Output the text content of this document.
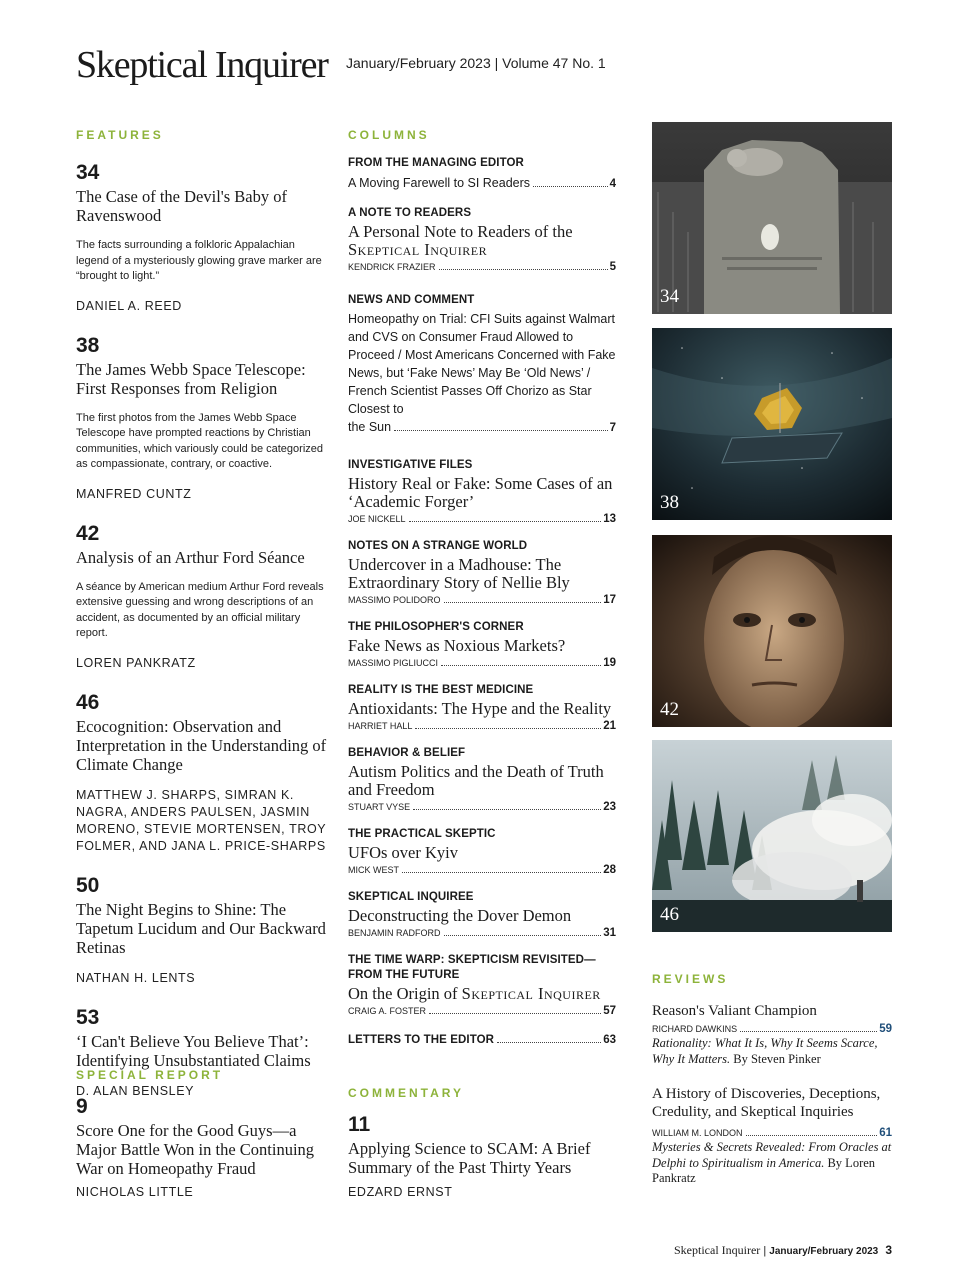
Skeptical Inquirer January/February 2023 | Volume 47 No. 1
FEATURES
34
The Case of the Devil's Baby of Ravenswood
The facts surrounding a folkloric Appalachian legend of a mysteriously glowing grave marker are “brought to light.”
DANIEL A. REED
38
The James Webb Space Telescope: First Responses from Religion
The first photos from the James Webb Space Telescope have prompted reactions by Christian communities, which variously could be categorized as compassionate, contrary, or coactive.
MANFRED CUNTZ
42
Analysis of an Arthur Ford Séance
A séance by American medium Arthur Ford reveals extensive guessing and wrong descriptions of an accident, as documented by an official military report.
LOREN PANKRATZ
46
Ecocognition: Observation and Interpretation in the Understanding of Climate Change
MATTHEW J. SHARPS, SIMRAN K. NAGRA, ANDERS PAULSEN, JASMIN MORENO, STEVIE MORTENSEN, TROY FOLMER, AND JANA L. PRICE-SHARPS
50
The Night Begins to Shine: The Tapetum Lucidum and Our Backward Retinas
NATHAN H. LENTS
53
‘I Can't Believe You Believe That’: Identifying Unsubstantiated Claims
D. ALAN BENSLEY
SPECIAL REPORT
9
Score One for the Good Guys—a Major Battle Won in the Continuing War on Homeopathy Fraud
NICHOLAS LITTLE
COLUMNS
FROM THE MANAGING EDITOR
A Moving Farewell to SI Readers	4
A NOTE TO READERS
A Personal Note to Readers of the Skeptical Inquirer
KENDRICK FRAZIER	5
NEWS AND COMMENT
Homeopathy on Trial: CFI Suits against Walmart and CVS on Consumer Fraud Allowed to Proceed / Most Americans Concerned with Fake News, but ‘Fake News’ May Be ‘Old News’ / French Scientist Passes Off Chorizo as Star Closest to
the Sun	7
INVESTIGATIVE FILES
History Real or Fake: Some Cases of an ‘Academic Forger’
JOE NICKELL	13
NOTES ON A STRANGE WORLD
Undercover in a Madhouse: The Extraordinary Story of Nellie Bly
MASSIMO POLIDORO	17
THE PHILOSOPHER'S CORNER
Fake News as Noxious Markets?
MASSIMO PIGLIUCCI	19
REALITY IS THE BEST MEDICINE
Antioxidants: The Hype and the Reality
HARRIET HALL	21
BEHAVIOR & BELIEF
Autism Politics and the Death of Truth and Freedom
STUART VYSE	23
THE PRACTICAL SKEPTIC
UFOs over Kyiv
MICK WEST	28
SKEPTICAL INQUIREE
Deconstructing the Dover Demon
BENJAMIN RADFORD	31
THE TIME WARP: SKEPTICISM REVISITED—FROM THE FUTURE
On the Origin of Skeptical Inquirer
CRAIG A. FOSTER	57
LETTERS TO THE EDITOR	63
COMMENTARY
11
Applying Science to SCAM: A Brief Summary of the Past Thirty Years
EDZARD ERNST
34
38
42
46
REVIEWS
Reason's Valiant Champion
RICHARD DAWKINS	59
Rationality: What It Is, Why It Seems Scarce, Why It Matters. By Steven Pinker
A History of Discoveries, Deceptions, Credulity, and Skeptical Inquiries
WILLIAM M. LONDON	61
Mysteries & Secrets Revealed: From Oracles at Delphi to Spiritualism in America. By Loren Pankratz
Skeptical Inquirer | January/February 2023 3
